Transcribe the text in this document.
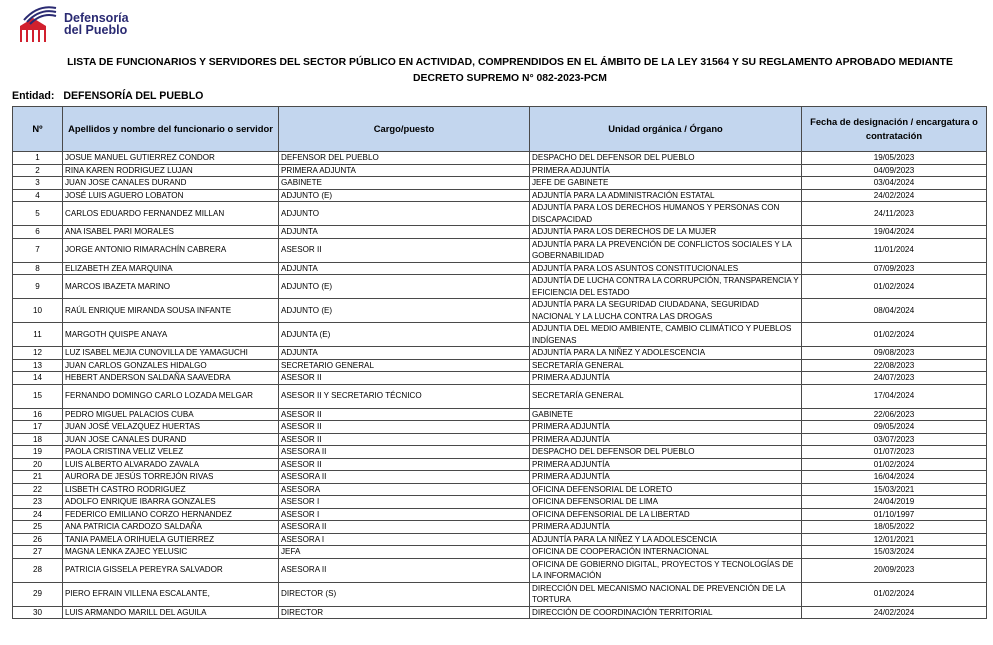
Defensoría
del Pueblo
LISTA DE FUNCIONARIOS Y SERVIDORES DEL SECTOR PÚBLICO EN ACTIVIDAD, COMPRENDIDOS EN EL ÁMBITO DE LA LEY 31564 Y SU REGLAMENTO APROBADO MEDIANTE
DECRETO SUPREMO N° 082-2023-PCM
Entidad: DEFENSORÍA DEL PUEBLO
Nº	Apellidos y nombre del funcionario o servidor	Cargo/puesto	Unidad orgánica / Órgano	Fecha de designación / encargatura o contratación
1	JOSUE MANUEL GUTIERREZ CONDOR	DEFENSOR DEL PUEBLO	DESPACHO DEL DEFENSOR DEL PUEBLO	19/05/2023
2	RINA KAREN RODRIGUEZ LUJAN	PRIMERA ADJUNTA	PRIMERA ADJUNTÍA	04/09/2023
3	JUAN JOSE CANALES DURAND	GABINETE	JEFE DE GABINETE	03/04/2024
4	JOSÉ LUIS AGUERO LOBATON	ADJUNTO (E)	ADJUNTÍA PARA LA ADMINISTRACIÓN ESTATAL	24/02/2024
5	CARLOS EDUARDO FERNANDEZ MILLAN	ADJUNTO	ADJUNTÍA PARA LOS DERECHOS HUMANOS Y PERSONAS CON DISCAPACIDAD	24/11/2023
6	ANA ISABEL PARI MORALES	ADJUNTA	ADJUNTÍA PARA LOS DERECHOS DE LA MUJER	19/04/2024
7	JORGE ANTONIO RIMARACHÍN CABRERA	ASESOR II	ADJUNTÍA PARA LA PREVENCIÓN DE CONFLICTOS SOCIALES Y LA GOBERNABILIDAD	11/01/2024
8	ELIZABETH ZEA MARQUINA	ADJUNTA	ADJUNTÍA PARA LOS ASUNTOS CONSTITUCIONALES	07/09/2023
9	MARCOS IBAZETA MARINO	ADJUNTO (E)	ADJUNTÍA DE LUCHA CONTRA LA CORRUPCIÓN, TRANSPARENCIA Y EFICIENCIA DEL ESTADO	01/02/2024
10	RAÚL ENRIQUE MIRANDA SOUSA INFANTE	ADJUNTO (E)	ADJUNTÍA PARA LA SEGURIDAD CIUDADANA, SEGURIDAD NACIONAL Y LA LUCHA CONTRA LAS DROGAS	08/04/2024
11	MARGOTH QUISPE ANAYA	ADJUNTA (E)	ADJUNTIA DEL MEDIO AMBIENTE, CAMBIO CLIMÁTICO Y PUEBLOS INDÍGENAS	01/02/2024
12	LUZ ISABEL MEJIA CUNOVILLA DE YAMAGUCHI	ADJUNTA	ADJUNTÍA PARA LA NIÑEZ Y ADOLESCENCIA	09/08/2023
13	JUAN CARLOS GONZALES HIDALGO	SECRETARIO GENERAL	SECRETARÍA GENERAL	22/08/2023
14	HEBERT ANDERSON SALDAÑA SAAVEDRA	ASESOR II	PRIMERA ADJUNTÍA	24/07/2023
15	FERNANDO DOMINGO CARLO LOZADA MELGAR	ASESOR II Y SECRETARIO TÉCNICO	SECRETARÍA GENERAL	17/04/2024
16	PEDRO MIGUEL PALACIOS CUBA	ASESOR II	GABINETE	22/06/2023
17	JUAN JOSÉ VELAZQUEZ HUERTAS	ASESOR II	PRIMERA ADJUNTÍA	09/05/2024
18	JUAN JOSE CANALES DURAND	ASESOR II	PRIMERA ADJUNTÍA	03/07/2023
19	PAOLA CRISTINA VELIZ VELEZ	ASESORA II	DESPACHO DEL DEFENSOR DEL PUEBLO	01/07/2023
20	LUIS ALBERTO ALVARADO ZAVALA	ASESOR II	PRIMERA ADJUNTÍA	01/02/2024
21	AURORA DE JESÚS TORREJÓN RIVAS	ASESORA II	PRIMERA ADJUNTÍA	16/04/2024
22	LISBETH CASTRO RODRIGUEZ	ASESORA	OFICINA DEFENSORIAL DE LORETO	15/03/2021
23	ADOLFO ENRIQUE IBARRA GONZALES	ASESOR I	OFICINA DEFENSORIAL DE LIMA	24/04/2019
24	FEDERICO EMILIANO CORZO HERNANDEZ	ASESOR I	OFICINA DEFENSORIAL DE LA LIBERTAD	01/10/1997
25	ANA PATRICIA CARDOZO SALDAÑA	ASESORA II	PRIMERA ADJUNTÍA	18/05/2022
26	TANIA PAMELA ORIHUELA GUTIERREZ	ASESORA I	ADJUNTÍA PARA LA NIÑEZ Y LA ADOLESCENCIA	12/01/2021
27	MAGNA LENKA ZAJEC YELUSIC	JEFA	OFICINA DE COOPERACIÓN INTERNACIONAL	15/03/2024
28	PATRICIA GISSELA PEREYRA SALVADOR	ASESORA II	OFICINA DE GOBIERNO DIGITAL, PROYECTOS Y TECNOLOGÍAS DE LA INFORMACIÓN	20/09/2023
29	PIERO EFRAIN VILLENA ESCALANTE,	DIRECTOR (S)	DIRECCIÓN DEL MECANISMO NACIONAL DE PREVENCIÓN DE LA TORTURA	01/02/2024
30	LUIS ARMANDO MARILL DEL AGUILA	DIRECTOR	DIRECCIÓN DE COORDINACIÓN TERRITORIAL	24/02/2024
